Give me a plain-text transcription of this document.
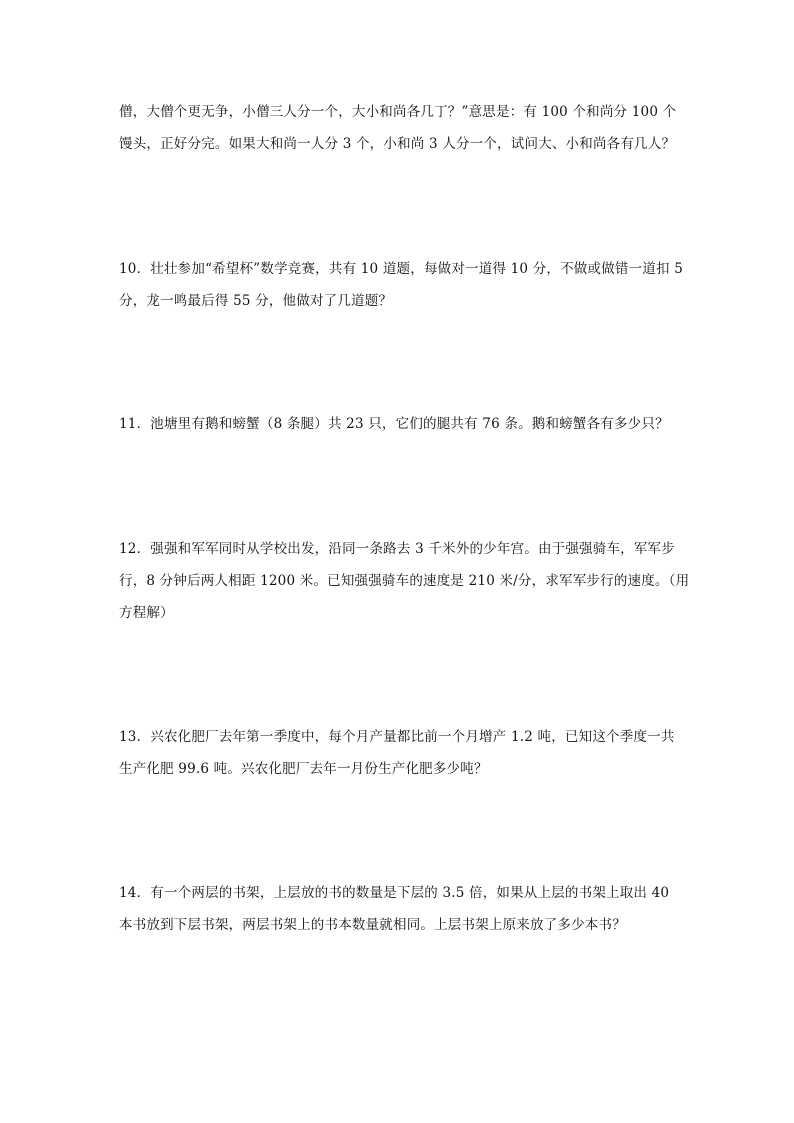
僧，大僧个更无争，小僧三人分一个，大小和尚各几丁？”意思是：有 100 个和尚分 100 个
馒头，正好分完。如果大和尚一人分 3 个，小和尚 3 人分一个，试问大、小和尚各有几人？
10．壮壮参加“希望杯”数学竞赛，共有 10 道题，每做对一道得 10 分，不做或做错一道扣 5
分，龙一鸣最后得 55 分，他做对了几道题？
11．池塘里有鹅和螃蟹（8 条腿）共 23 只，它们的腿共有 76 条。鹅和螃蟹各有多少只？
12．强强和军军同时从学校出发，沿同一条路去 3 千米外的少年宫。由于强强骑车，军军步
行，8 分钟后两人相距 1200 米。已知强强骑车的速度是 210 米/分，求军军步行的速度。（用
方程解）
13．兴农化肥厂去年第一季度中，每个月产量都比前一个月增产 1.2 吨，已知这个季度一共
生产化肥 99.6 吨。兴农化肥厂去年一月份生产化肥多少吨？
14．有一个两层的书架，上层放的书的数量是下层的 3.5 倍，如果从上层的书架上取出 40
本书放到下层书架，两层书架上的书本数量就相同。上层书架上原来放了多少本书？
